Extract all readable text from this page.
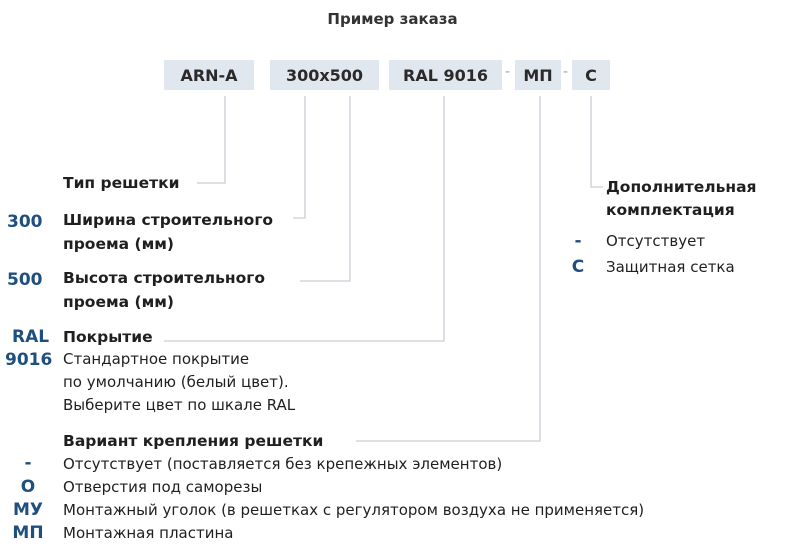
Пример заказа
ARN-A	300x500	RAL 9016	- МП -	С
Тип решетки
300 Ширина строительного
проема (мм)
500 Высота строительного
проема (мм)
RAL
9016
Покрытие
Стандартное покрытие
по умолчанию (белый цвет).
Выберите цвет по шкале RAL
Вариант крепления решетки
-	Отсутствует (поставляется без крепежных элементов)
О	Отверстия под саморезы
МУ	Монтажный уголок (в решетках с регулятором воздуха не применяется)
МП	Монтажная пластина
Дополнительная
комплектация
-	Отсутствует
С	Защитная сетка
